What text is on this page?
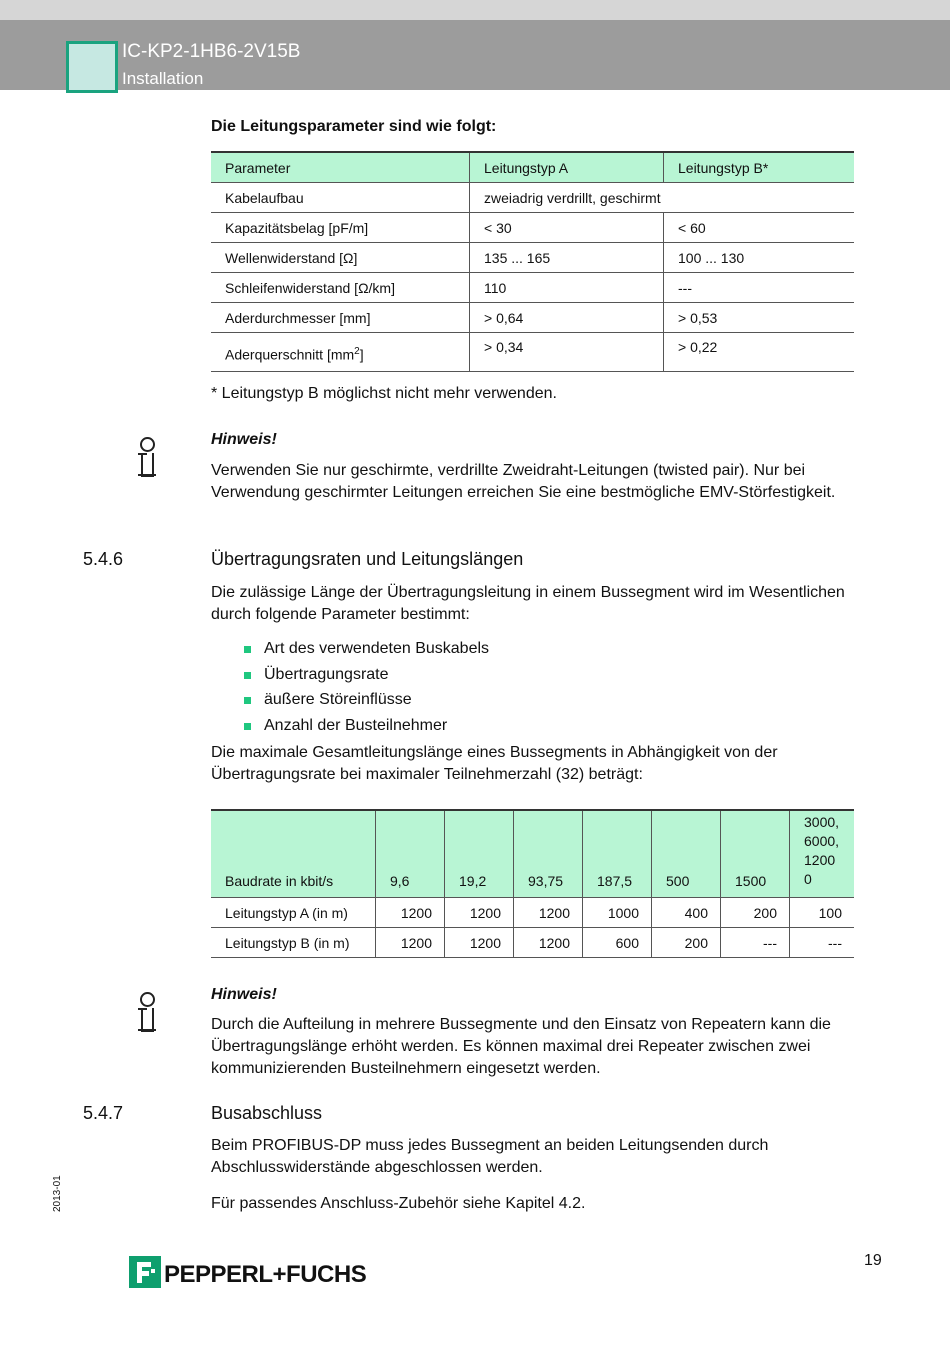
IC-KP2-1HB6-2V15B
Installation
Die Leitungsparameter sind wie folgt:
Parameter	Leitungstyp A	Leitungstyp B*
Kabelaufbau	zweiadrig verdrillt, geschirmt	
Kapazitätsbelag [pF/m]	< 30	< 60
Wellenwiderstand [Ω]	135 ... 165	100 ... 130
Schleifenwiderstand [Ω/km]	110	---
Aderdurchmesser [mm]	> 0,64	> 0,53
Aderquerschnitt $[mm^2]$	> 0,34	> 0,22
* Leitungstyp B möglichst nicht mehr verwenden.
Hinweis!
Verwenden Sie nur geschirmte, verdrillte Zweidraht-Leitungen (twisted pair). Nur bei Verwendung geschirmter Leitungen erreichen Sie eine bestmögliche EMV-Störfestigkeit.
5.4.6	Übertragungsraten und Leitungslängen
Die zulässige Länge der Übertragungsleitung in einem Bussegment wird im Wesentlichen durch folgende Parameter bestimmt:
Art des verwendeten Buskabels
Übertragungsrate
äußere Störeinflüsse
Anzahl der Busteilnehmer
Die maximale Gesamtleitungslänge eines Bussegments in Abhängigkeit von der Übertragungsrate bei maximaler Teilnehmerzahl (32) beträgt:
Baudrate in kbit/s	9,6	19,2	93,75	187,5	500	1500	3000,
6000,
1200
0
Leitungstyp A (in m)	1200	1200	1200	1000	400	200	100
Leitungstyp B (in m)	1200	1200	1200	600	200	---	---
Hinweis!
Durch die Aufteilung in mehrere Bussegmente und den Einsatz von Repeatern kann die Übertragungslänge erhöht werden. Es können maximal drei Repeater zwischen zwei kommunizierenden Busteilnehmern eingesetzt werden.
5.4.7	Busabschluss
Beim PROFIBUS-DP muss jedes Bussegment an beiden Leitungsenden durch Abschlusswiderstände abgeschlossen werden.
Für passendes Anschluss-Zubehör siehe Kapitel 4.2.
2013-01
19
PEPPERL+FUCHS
